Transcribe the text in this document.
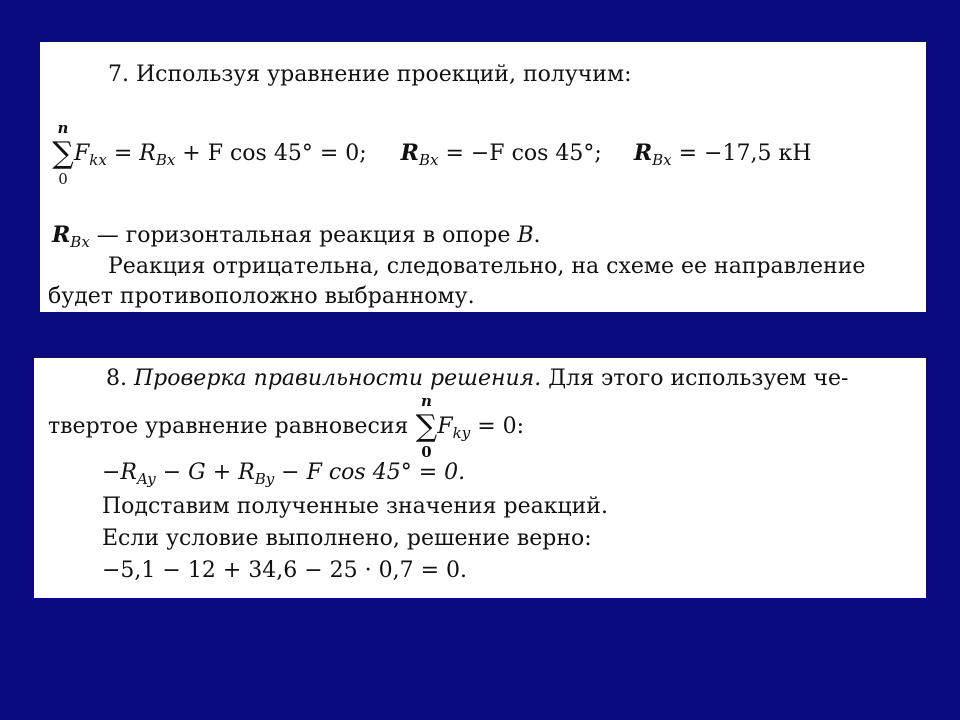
7. Используя уравнение проекций, получим:
n
∑
0
$F_{kx} = R_{Bx} + F$ cos 45° = 0; $R_{Bx} = -F$ cos 45°; $R_{Bx} = -17,5$ кН
$R_{Bx}$ — горизонтальная реакция в опоре B.
Реакция отрицательна, следовательно, на схеме ее направление
будет противоположно выбранному.
8. Проверка правильности решения. Для этого используем че-
твертое уравнение равновесия
n
∑
0
$F_{ky} = 0$:
$-R_{Ay} - G + R_{By} - F$ cos 45° = 0.
Подставим полученные значения реакций.
Если условие выполнено, решение верно:
−5,1 − 12 + 34,6 − 25 · 0,7 = 0.
